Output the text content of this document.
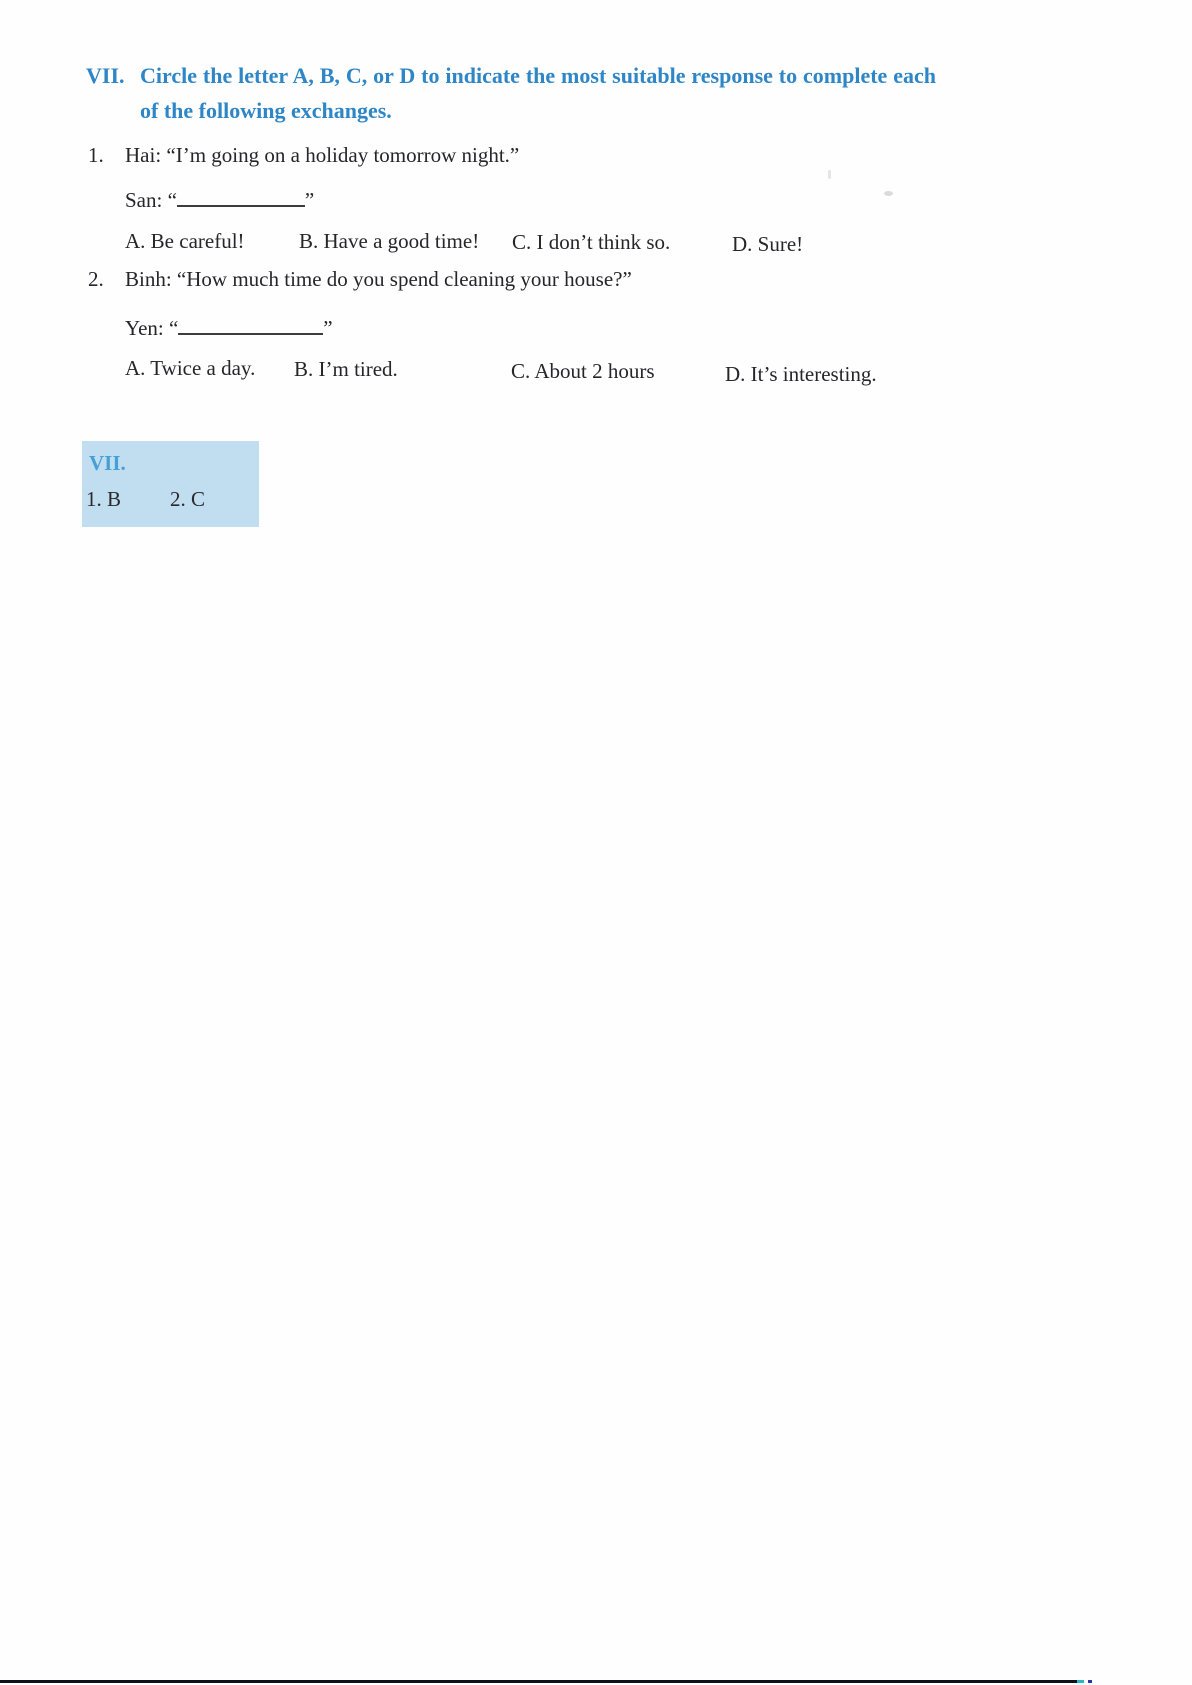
VII. Circle the letter A, B, C, or D to indicate the most suitable response to complete each of the following exchanges.
1.	Hai: “I’m going on a holiday tomorrow night.”
San: “	”
A. Be careful!	B. Have a good time! C. I don’t think so.	D. Sure!
2.	Binh: “How much time do you spend cleaning your house?”
Yen: “	”
A. Twice a day. B. I’m tired.	C. About 2 hours	D. It’s interesting.
VII.
1. B 2. C
